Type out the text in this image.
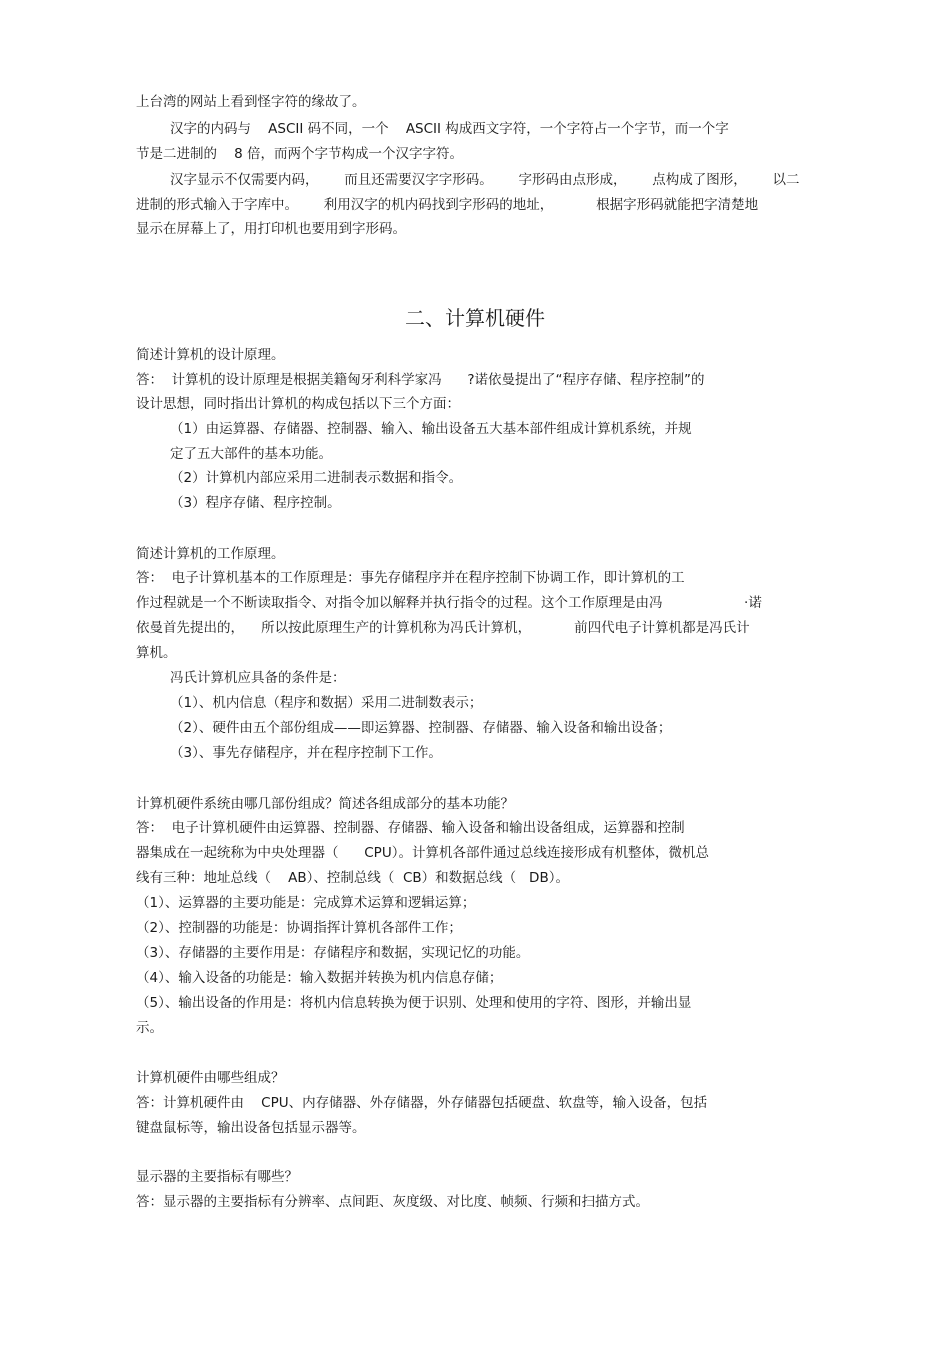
上台湾的网站上看到怪字符的缘故了。
汉字的内码与    ASCII 码不同，一个    ASCII 构成西文字符，一个字符占一个字节，而一个字
节是二进制的    8 倍，而两个字节构成一个汉字字符。
汉字显示不仅需要内码，      而且还需要汉字字形码。      字形码由点形成，      点构成了图形，      以二
进制的形式输入于字库中。      利用汉字的机内码找到字形码的地址，          根据字形码就能把字清楚地
显示在屏幕上了，用打印机也要用到字形码。
二、计算机硬件
简述计算机的设计原理。
答：  计算机的设计原理是根据美籍匈牙利科学家冯      ?诺依曼提出了“程序存储、程序控制”的
设计思想，同时指出计算机的构成包括以下三个方面：
（1）由运算器、存储器、控制器、输入、输出设备五大基本部件组成计算机系统，并规
定了五大部件的基本功能。
（2）计算机内部应采用二进制表示数据和指令。
（3）程序存储、程序控制。
简述计算机的工作原理。
答：  电子计算机基本的工作原理是：事先存储程序并在程序控制下协调工作，即计算机的工
作过程就是一个不断读取指令、对指令加以解释并执行指令的过程。这个工作原理是由冯                   ·诺
依曼首先提出的，    所以按此原理生产的计算机称为冯氏计算机，          前四代电子计算机都是冯氏计
算机。
冯氏计算机应具备的条件是：
（1）、机内信息（程序和数据）采用二进制数表示；
（2）、硬件由五个部份组成——即运算器、控制器、存储器、输入设备和输出设备；
（3）、事先存储程序，并在程序控制下工作。
计算机硬件系统由哪几部份组成？简述各组成部分的基本功能？
答：  电子计算机硬件由运算器、控制器、存储器、输入设备和输出设备组成，运算器和控制
器集成在一起统称为中央处理器（      CPU）。计算机各部件通过总线连接形成有机整体，微机总
线有三种：地址总线（    AB）、控制总线（  CB）和数据总线（   DB）。
（1）、运算器的主要功能是：完成算术运算和逻辑运算；
（2）、控制器的功能是：协调指挥计算机各部件工作；
（3）、存储器的主要作用是：存储程序和数据，实现记忆的功能。
（4）、输入设备的功能是：输入数据并转换为机内信息存储；
（5）、输出设备的作用是：将机内信息转换为便于识别、处理和使用的字符、图形，并输出显
示。
计算机硬件由哪些组成？
答：计算机硬件由    CPU、内存储器、外存储器，外存储器包括硬盘、软盘等，输入设备，包括
键盘鼠标等，输出设备包括显示器等。
显示器的主要指标有哪些？
答：显示器的主要指标有分辨率、点间距、灰度级、对比度、帧频、行频和扫描方式。
